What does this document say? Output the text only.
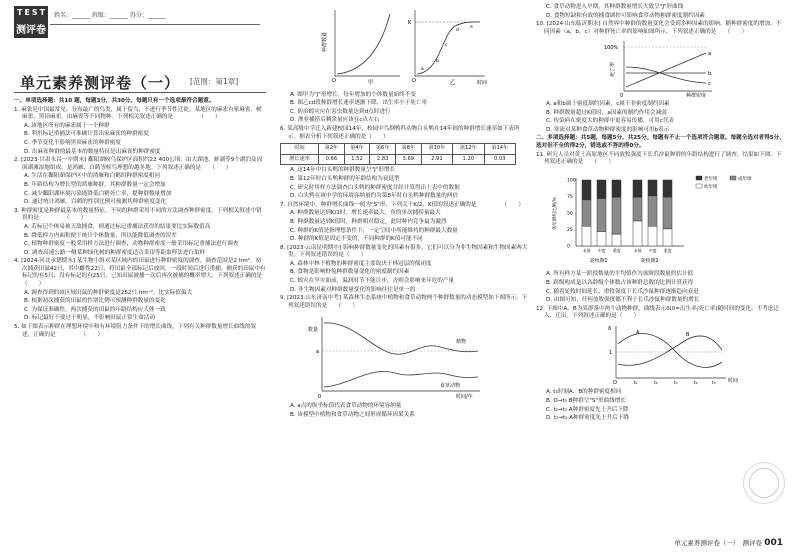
TEST
测评卷
姓名：______ 班级：______ 得分：______
单元素养测评卷（一） [范围：第1章]
一、单项选择题：共10 题，每题3分，共30分。每题只有一个选项最符合题意。
1. 麻雀是中国最常见、分布最广的鸟类，属于留鸟，不进行季节性迁徙。某地区的麻雀有家麻雀、树麻雀、黑顶麻雀，由麻雀等不同物种。下列相关叙述正确的是　　　　　（　　）
A. 该地区所有的麻雀属于一个种群
B. 利用标记重捕法可准确计算出家麻雀的种群密度
C. 季节变化不影响黑顶麻雀的种群密度
D. 出麻雀种群的最基本的数量特征是出麻雀的种群密度
2. [2023·甘肃永昌一中期末] 鄱阳湖候鸟保护区面积约22 400公顷，由大湖池、蚌湖等9个湖泊及周围湖滩湿地组成，是鸿雁、白鹤等候鸟理想的越冬地。下列叙述正确的是　　（　　）
A. 生活在鄱阳湖保护区中的鸿雁和白鹤的种群密度相同
B. 年龄结构为增长型的鸿雁种群，其种群数量一定会增加
C. 减少鄱阳湖环境污染能降低白鹤死亡率，提种群数量增加
D. 通过统计鸿雁、白鹤的性别比例可预测其种群密度变化
3. 种群密度是种群最基本的数量特征，不同的种群采用不同的方法调查种群密度。下列相关叙述中错误的是　　　　　（　　）
A. 若标记个体易被天敌捕食，则通过标记重捕法获得的结果要比实际数值高
B. 降低样方内面积便于统计个体数量，所以能降低调查的误差
C. 植物种群密度一般采用样方法进行调查，动物种群密度一般采用标记重捕法进行调查
D. 调查高速公路一侧某种绿化树的种群密度适合采用等距取样法进行取样
4. [2024·河北承德期末] 某生物小组对某区域内的田鼠进行种群密度的调查，调查范围是2 hm²，初次捕获田鼠42只，其中雌性22只，将田鼠全部标记后放回，一段时间后进行重捕，捕获的田鼠中有标记的有5只，没有标记的有25只，已知田鼠被捕一次后再次被捕的概率增大。下列叙述正确的是　　　　　（　　）
A. 调查得到的该区域田鼠的种群密度是252只·hm⁻²，比实际值偏大
B. 根据初次捕获的田鼠的性别比例可预测种群数量的变化
C. 为保证准确性，两次捕获的田鼠的年龄结构应大体一致
D. 标记最好不要过于明显，不影响田鼠正常生命活动
5. 如下图表示种群在理想环境中和有环境阻力条件下的增长曲线，下列有关种群数量增长曲线的叙述，正确的是　　　　　（　　）
种群数量
甲
O
K
乙	时间
O
a
b
c
d
e
A. 图甲为"J"形增长，每年增加的个体数量始终不变
B. 图乙cd段种群增长速率逐渐下降，出生率小于死亡率
C. 防治蝗灾应在害虫数量达到d点时进行
D. 渔业捕捞后剩余量应该在c点左右
6. 某高级中学迁入新建校园14年，校园中鸟纲鸭科动物白头鹎在14年间的种群增长速率如下表所示。据表分析下列叙述正确的是（　　）
时间	第2年	第4年	第6年	第8年	第10年	第12年	第14年
增长速率	0.66	1.52	2.83	3.69	2.91	1.20	0.03
A. 这14年中白头鹎的种群数量呈"J"形增长
B. 第12年时白头鹎种群的年龄结构为衰退型
C. 研究时用样方法调查白头鹎的种群密度并经计算得出上表中的数据
D. 白头鹎在该中学的环境容纳量约为第8年时白头鹎种群数量的两倍
7. 自然环境中，种群增长曲线一般为"S"形。下列关于K/2、K值的叙述正确的是　　　　　（　　）
A. 种群数量达到K/2时，增长速率最大，鱼的单次捕捞量最大
B. 种群数量达到K值时，种群相对稳定，此时种内竞争最为激烈
C. 种群的K值是指理想条件下，一定空间中所能维持的种群最大数量
D. 种群的K值是固定不变的，不同种群的K值可能不同
8. [2023·云南昆明期中] 影响种群数量变化的因素有很多，它们可以分为非生物因素和生物因素两大类。下列叙述错误的是（　　）
A. 森林中林下植物的种群密度主要取决于林冠层的郁闭度
B. 食物是影响野兔种群数量变化的密度制约因素
C. 蝗灾在旱灾面前，温润时节不能让步，否则会影响来年危的产量
D. 非生物因素对种群数量变化的影响往往是单一的
9. [2023·山东济南中考] 某森林生态系统中植物和食草动物两个种群数量的动态模型如下图所示。下列叙述错误的是　　（　　）
数量
时间/年
a
0
植物
食草动物
A. a点的纵坐标值代表食草动物的环境容纳量
B. 该模型中植物和食草动物之间形成循环因果关系
C. 食草动物进入早期，其种群数量增长大致呈"J"形曲线
D. 食物短缺和有效的捕食调控可影响食草动物种群密度制约因素
10. [2024·山东临沂期末] 自然界中种群的数量变化会受到多种因素的影响。随种群密度的增加，不同因素（a，b，c）对种群死亡率的影响如图所示。下列叙述正确的是　　（　　）
100%
死亡率
种群密度
0
a
b
c
A. a和b属于密度制约因素，c属于非密度制约因素
B. 种群数量超过K值时，a因素的制约作用会减弱
C. 传染病在密度大的种群中更容易传播，可用c代表
D. 寒流对某种食草动物种群密度的影响可用b表示
二、多项选择题：共5题，每题5分，共25分。每题有不止一个选项符合题意。每题全选对者得5分，选对但不全的得2分，错选或不答的得0分。
11. 研究人员对黄土高原地区不同放牧强度下长爪沙鼠种群的年龄结构进行了调查，结果如下图。下列叙述正确的是　　（　　）
0
25
50
75
100
各年龄组比例/%
未放 中度 重度	未放 中度 重度
轮牧期1	轮牧期2
老年组	成年组
幼年组
A. 所有样方某一阶段数量的平均值作为该阶段数量的估计值
B. 跨级构成是以各龄级个体数占该种群总数的比例计算获得
C. 随着轮牧时间延长，重牧强度下长爪沙鼠种群逐渐趋向衰退
D. 由图可知，任何放牧强度都不利于长爪沙鼠种群数量的增长
12. 下图中A、B为某群落中两个动物种群，曲线表示δ(δ=出生率/死亡率)随时间的变化，不考虑迁入、迁出。下列叙述正确的是（　　）
δ
1
O	t₁	t₂	t₃	t₄	t₅ 时间
A	B
A. t₃时刻A、B的种群密度相同
B. O→t₅ B种群呈"S"形曲线增长
C. t₂→t₃ A种群密度先上升后下降
D. t₁→t₅ A种群密度先上升后下降
单元素养测评卷（一）　测评卷 001
